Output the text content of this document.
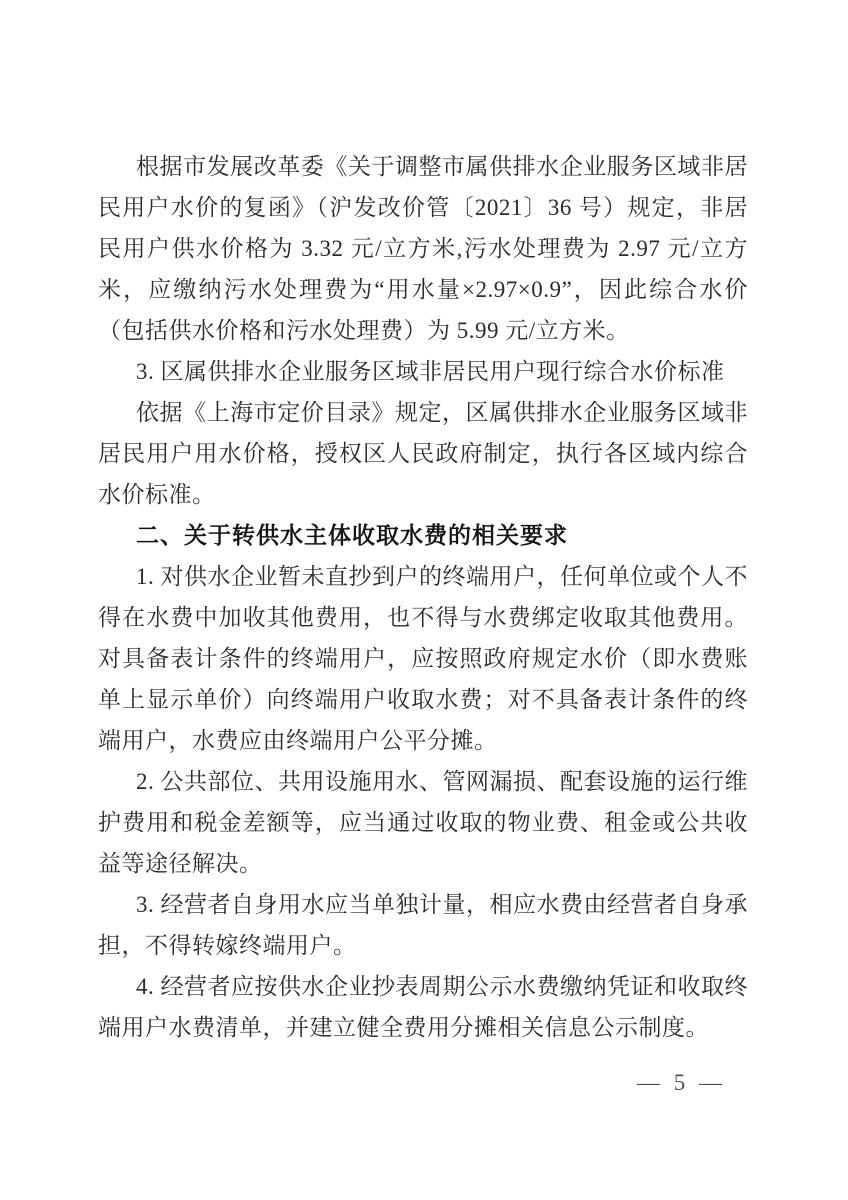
根据市发展改革委《关于调整市属供排水企业服务区域非居民用户水价的复函》（沪发改价管〔2021〕36 号）规定，非居民用户供水价格为 3.32 元/立方米,污水处理费为 2.97 元/立方米，应缴纳污水处理费为“用水量×2.97×0.9”，因此综合水价（包括供水价格和污水处理费）为 5.99 元/立方米。

3. 区属供排水企业服务区域非居民用户现行综合水价标准

依据《上海市定价目录》规定，区属供排水企业服务区域非居民用户用水价格，授权区人民政府制定，执行各区域内综合水价标准。

二、关于转供水主体收取水费的相关要求

1. 对供水企业暂未直抄到户的终端用户，任何单位或个人不得在水费中加收其他费用，也不得与水费绑定收取其他费用。对具备表计条件的终端用户，应按照政府规定水价（即水费账单上显示单价）向终端用户收取水费；对不具备表计条件的终端用户，水费应由终端用户公平分摊。

2. 公共部位、共用设施用水、管网漏损、配套设施的运行维护费用和税金差额等，应当通过收取的物业费、租金或公共收益等途径解决。

3. 经营者自身用水应当单独计量，相应水费由经营者自身承担，不得转嫁终端用户。

4. 经营者应按供水企业抄表周期公示水费缴纳凭证和收取终端用户水费清单，并建立健全费用分摊相关信息公示制度。

— 5 —
